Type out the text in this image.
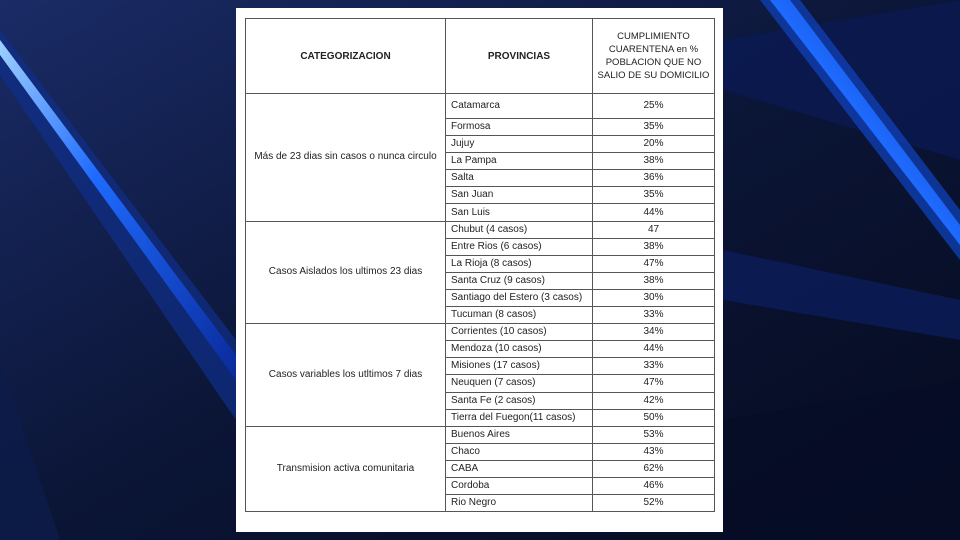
CATEGORIZACION	PROVINCIAS	CUMPLIMIENTO CUARENTENA en % POBLACION QUE NO SALIO DE SU DOMICILIO
Más de 23 dias sin casos o nunca circulo	Catamarca	25%
	Formosa	35%
	Jujuy	20%
	La Pampa	38%
	Salta	36%
	San Juan	35%
	San Luis	44%
Casos Aislados los ultimos 23 dias	Chubut (4 casos)	47
	Entre Rios (6 casos)	38%
	La Rioja (8 casos)	47%
	Santa Cruz (9 casos)	38%
	Santiago del Estero (3 casos)	30%
	Tucuman (8 casos)	33%
Casos variables los utltimos 7 dias	Corrientes (10 casos)	34%
	Mendoza (10 casos)	44%
	Misiones (17 casos)	33%
	Neuquen (7 casos)	47%
	Santa Fe (2 casos)	42%
	Tierra del Fuegon(11 casos)	50%
Transmision activa comunitaria	Buenos Aires	53%
	Chaco	43%
	CABA	62%
	Cordoba	46%
	Rio Negro	52%
